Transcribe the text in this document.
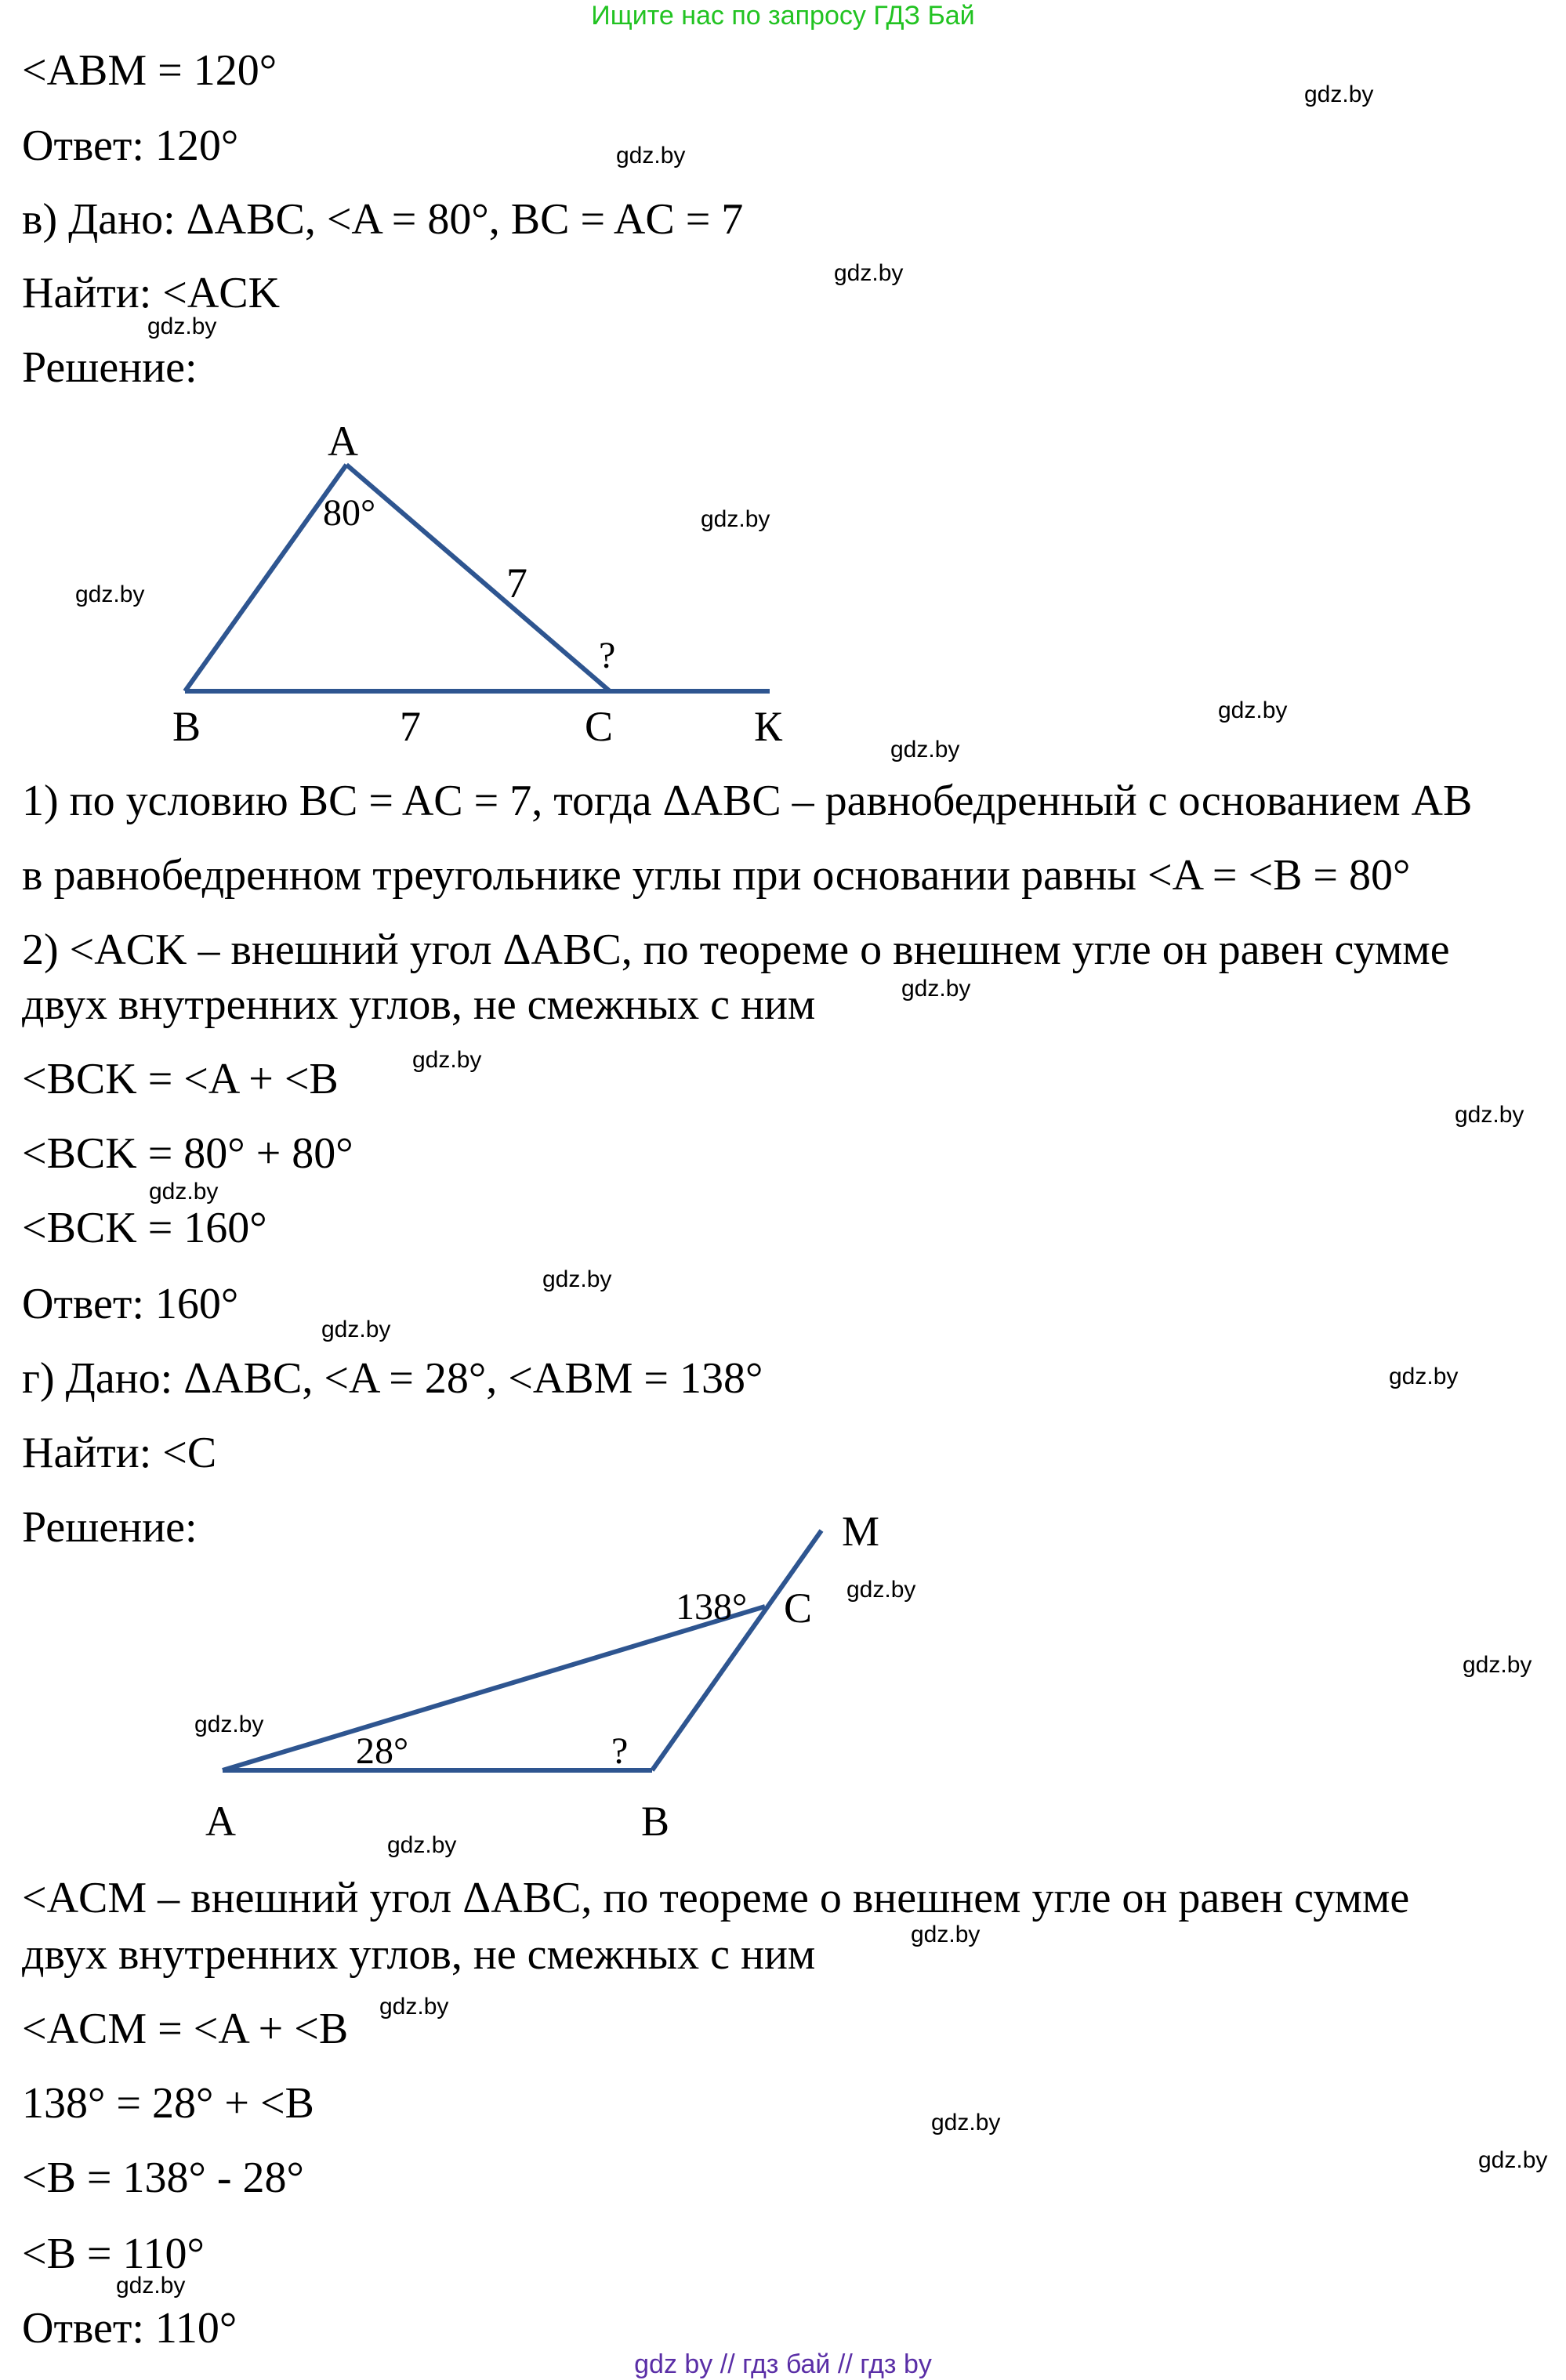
Ищите нас по запросу ГДЗ Бай
<ABM = 120°
Ответ: 120°
в) Дано: ΔABC, <A = 80°, BC = AC = 7
Найти: <ACK
Решение:
A
B	C	К
80°
7
7
?
1) по условию BC = AC = 7, тогда ΔABC – равнобедренный с основанием AB
в равнобедренном треугольнике углы при основании равны <A = <B = 80°
2) <ACK – внешний угол ΔABC, по теореме о внешнем угле он равен сумме
двух внутренних углов, не смежных с ним
<BCK = <A + <B
<BCK = 80° + 80°
<BCK = 160°
Ответ: 160°
г) Дано: ΔABC, <A = 28°, <ABM = 138°
Найти: <C
Решение:
A	B
C
M
28°
138°
?
<ACM – внешний угол ΔABC, по теореме о внешнем угле он равен сумме
двух внутренних углов, не смежных с ним
<ACM = <A + <B
138° = 28° + <B
<B = 138° - 28°
<B = 110°
Ответ: 110°
gdz.by
gdz.by
gdz.by
gdz.by
gdz.by
gdz.by
gdz.by
gdz.by
gdz.by
gdz.by
gdz.by
gdz.by
gdz.by
gdz.by
gdz.by
gdz.by
gdz.by
gdz.by
gdz.by
gdz.by
gdz.by
gdz.by
gdz.by
gdz.by
gdz by // гдз бай // гдз by
